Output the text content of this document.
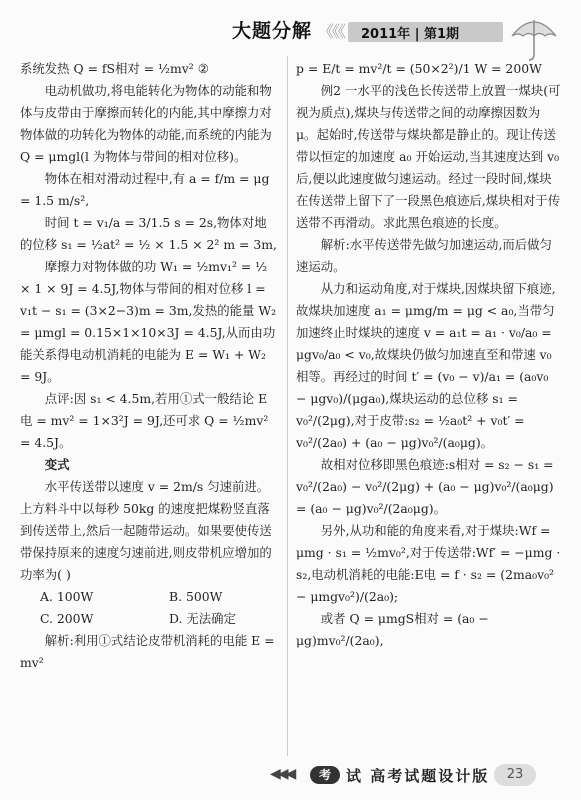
大题分解 《《《 2011年 | 第1期

系统发热 Q = fS相对 = ½mv² ②

电动机做功,将电能转化为物体的动能和物体与皮带由于摩擦而转化的内能,其中摩擦力对物体做的功转化为物体的动能,而系统的内能为 Q = μmgl(l 为物体与带间的相对位移)。

物体在相对滑动过程中,有 a = f/m = μg = 1.5 m/s²,

时间 t = v₁/a = 3/1.5 s = 2s,物体对地的位移 s₁ = ½at² = ½ × 1.5 × 2² m = 3m,

摩擦力对物体做的功 W₁ = ½mv₁² = ½ × 1 × 9J = 4.5J,物体与带间的相对位移 l = v₁t − s₁ = (3×2−3)m = 3m,发热的能量 W₂ = μmgl = 0.15×1×10×3J = 4.5J,从而由功能关系得电动机消耗的电能为 E = W₁ + W₂ = 9J。

点评:因 s₁ < 4.5m,若用①式一般结论 E电 = mv² = 1×3²J = 9J,还可求 Q = ½mv² = 4.5J。

变式

水平传送带以速度 v = 2m/s 匀速前进。上方料斗中以每秒 50kg 的速度把煤粉竖直落到传送带上,然后一起随带运动。如果要使传送带保持原来的速度匀速前进,则皮带机应增加的功率为( )

A. 100W	B. 500W

C. 200W	D. 无法确定

解析:利用①式结论皮带机消耗的电能 E = mv²

p = E/t = mv²/t = (50×2²)/1 W = 200W

例2 一水平的浅色长传送带上放置一煤块(可视为质点),煤块与传送带之间的动摩擦因数为 μ。起始时,传送带与煤块都是静止的。现让传送带以恒定的加速度 a₀ 开始运动,当其速度达到 v₀ 后,便以此速度做匀速运动。经过一段时间,煤块在传送带上留下了一段黑色痕迹后,煤块相对于传送带不再滑动。求此黑色痕迹的长度。

解析:水平传送带先做匀加速运动,而后做匀速运动。

从力和运动角度,对于煤块,因煤块留下痕迹,故煤块加速度 a₁ = μmg/m = μg < a₀,当带匀加速终止时煤块的速度 v = a₁t = a₁ · v₀/a₀ = μgv₀/a₀ < v₀,故煤块仍做匀加速直至和带速 v₀ 相等。再经过的时间 t′ = (v₀ − v)/a₁ = (a₀v₀ − μgv₀)/(μga₀),煤块运动的总位移 s₁ = v₀²/(2μg),对于皮带:s₂ = ½a₀t² + v₀t′ = v₀²/(2a₀) + (a₀ − μg)v₀²/(a₀μg)。

故相对位移即黑色痕迹:s相对 = s₂ − s₁ = v₀²/(2a₀) − v₀²/(2μg) + (a₀ − μg)v₀²/(a₀μg) = (a₀ − μg)v₀²/(2a₀μg)。

另外,从功和能的角度来看,对于煤块:Wf = μmg · s₁ = ½mv₀²,对于传送带:Wf′ = −μmg · s₂,电动机消耗的电能:E电 = f · s₂ = (2ma₀v₀² − μmgv₀²)/(2a₀);

或者 Q = μmgS相对 = (a₀ − μg)mv₀²/(2a₀),

◀◀◀	考	试 高考试题设计版	23
